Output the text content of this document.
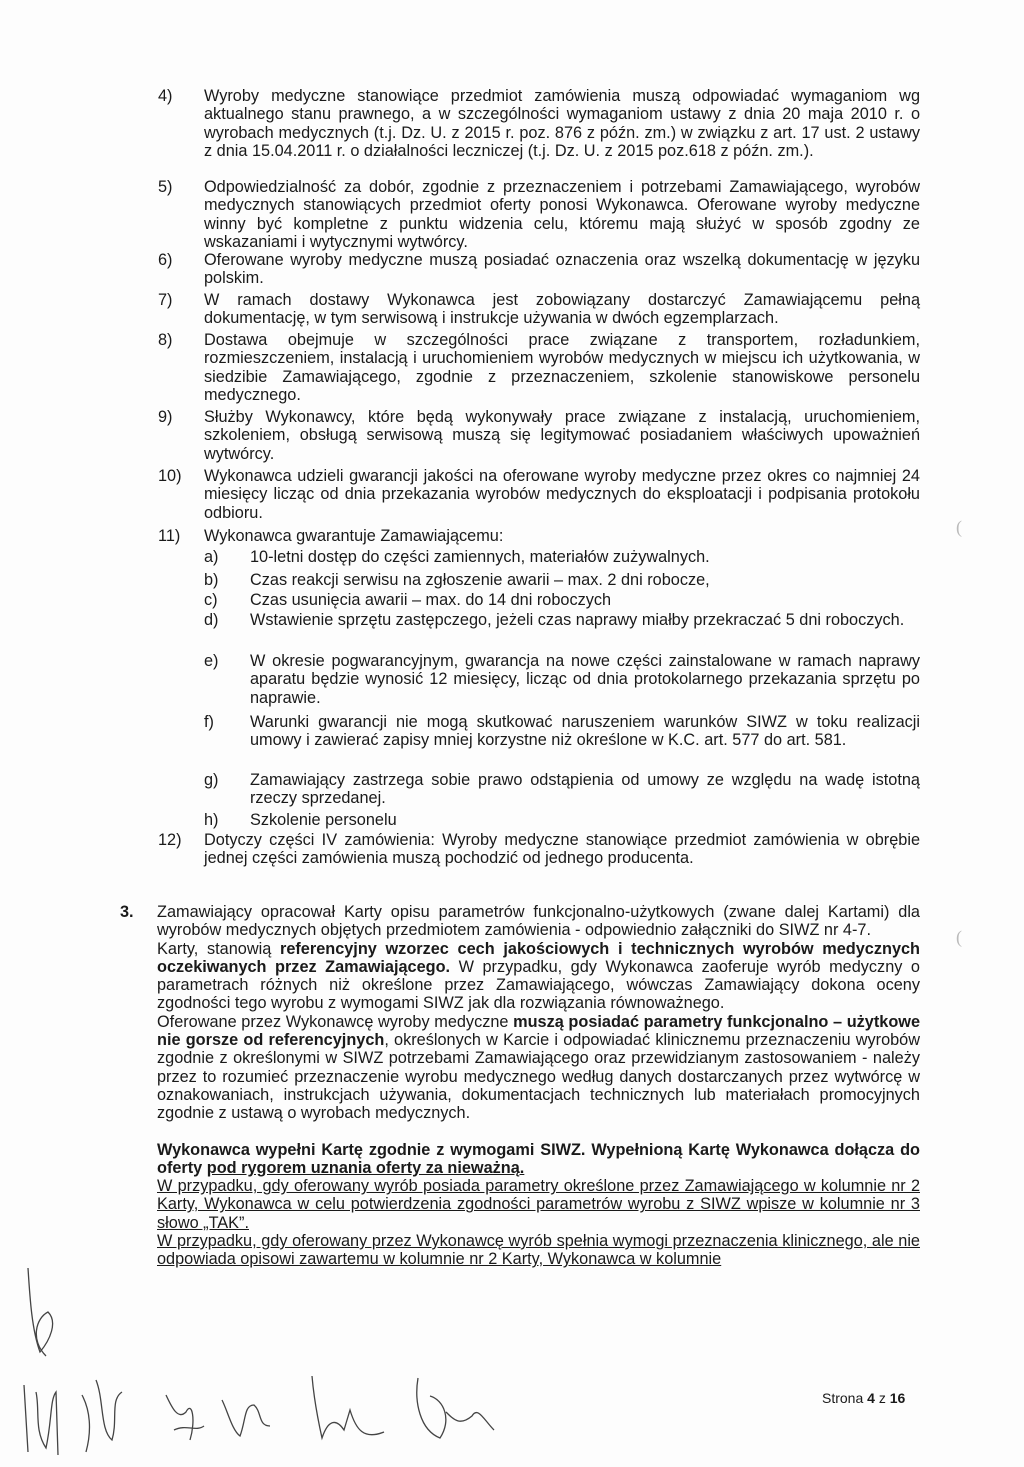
4) Wyroby medyczne stanowiące przedmiot zamówienia muszą odpowiadać wymaganiom wg aktualnego stanu prawnego, a w szczególności wymaganiom ustawy z dnia 20 maja 2010 r. o wyrobach medycznych (t.j. Dz. U. z 2015 r. poz. 876 z późn. zm.) w związku z art. 17 ust. 2 ustawy z dnia 15.04.2011 r. o działalności leczniczej (t.j. Dz. U. z 2015 poz.618 z późn. zm.).
5) Odpowiedzialność za dobór, zgodnie z przeznaczeniem i potrzebami Zamawiającego, wyrobów medycznych stanowiących przedmiot oferty ponosi Wykonawca. Oferowane wyroby medyczne winny być kompletne z punktu widzenia celu, któremu mają służyć w sposób zgodny ze wskazaniami i wytycznymi wytwórcy.
6) Oferowane wyroby medyczne muszą posiadać oznaczenia oraz wszelką dokumentację w języku polskim.
7) W ramach dostawy Wykonawca jest zobowiązany dostarczyć Zamawiającemu pełną dokumentację, w tym serwisową i instrukcje używania w dwóch egzemplarzach.
8) Dostawa obejmuje w szczególności prace związane z transportem, rozładunkiem, rozmieszczeniem, instalacją i uruchomieniem wyrobów medycznych w miejscu ich użytkowania, w siedzibie Zamawiającego, zgodnie z przeznaczeniem, szkolenie stanowiskowe personelu medycznego.
9) Służby Wykonawcy, które będą wykonywały prace związane z instalacją, uruchomieniem, szkoleniem, obsługą serwisową muszą się legitymować posiadaniem właściwych upoważnień wytwórcy.
10) Wykonawca udzieli gwarancji jakości na oferowane wyroby medyczne przez okres co najmniej 24 miesięcy licząc od dnia przekazania wyrobów medycznych do eksploatacji i podpisania protokołu odbioru.
11) Wykonawca gwarantuje Zamawiającemu:
a) 10-letni dostęp do części zamiennych, materiałów zużywalnych.
b) Czas reakcji serwisu na zgłoszenie awarii – max. 2 dni robocze,
c) Czas usunięcia awarii – max. do 14 dni roboczych
d) Wstawienie sprzętu zastępczego, jeżeli czas naprawy miałby przekraczać 5 dni roboczych.
e) W okresie pogwarancyjnym, gwarancja na nowe części zainstalowane w ramach naprawy aparatu będzie wynosić 12 miesięcy, licząc od dnia protokolarnego przekazania sprzętu po naprawie.
f) Warunki gwarancji nie mogą skutkować naruszeniem warunków SIWZ w toku realizacji umowy i zawierać zapisy mniej korzystne niż określone w K.C. art. 577 do art. 581.
g) Zamawiający zastrzega sobie prawo odstąpienia od umowy ze względu na wadę istotną rzeczy sprzedanej.
h) Szkolenie personelu
12) Dotyczy części IV zamówienia: Wyroby medyczne stanowiące przedmiot zamówienia w obrębie jednej części zamówienia muszą pochodzić od jednego producenta.
3. Zamawiający opracował Karty opisu parametrów funkcjonalno-użytkowych (zwane dalej Kartami) dla wyrobów medycznych objętych przedmiotem zamówienia - odpowiednio załączniki do SIWZ nr 4-7.

Karty, stanowią referencyjny wzorzec cech jakościowych i technicznych wyrobów medycznych oczekiwanych przez Zamawiającego. W przypadku, gdy Wykonawca zaoferuje wyrób medyczny o parametrach różnych niż określone przez Zamawiającego, wówczas Zamawiający dokona oceny zgodności tego wyrobu z wymogami SIWZ jak dla rozwiązania równoważnego.

Oferowane przez Wykonawcę wyroby medyczne muszą posiadać parametry funkcjonalno – użytkowe nie gorsze od referencyjnych, określonych w Karcie i odpowiadać klinicznemu przeznaczeniu wyrobów zgodnie z określonymi w SIWZ potrzebami Zamawiającego oraz przewidzianym zastosowaniem - należy przez to rozumieć przeznaczenie wyrobu medycznego według danych dostarczanych przez wytwórcę w oznakowaniach, instrukcjach używania, dokumentacjach technicznych lub materiałach promocyjnych zgodnie z ustawą o wyrobach medycznych.

Wykonawca wypełni Kartę zgodnie z wymogami SIWZ. Wypełnioną Kartę Wykonawca dołącza do oferty pod rygorem uznania oferty za nieważną.

W przypadku, gdy oferowany wyrób posiada parametry określone przez Zamawiającego w kolumnie nr 2 Karty, Wykonawca w celu potwierdzenia zgodności parametrów wyrobu z SIWZ wpisze w kolumnie nr 3 słowo „TAK”.

W przypadku, gdy oferowany przez Wykonawcę wyrób spełnia wymogi przeznaczenia klinicznego, ale nie odpowiada opisowi zawartemu w kolumnie nr 2 Karty, Wykonawca w kolumnie

Strona 4 z 16
(
(
